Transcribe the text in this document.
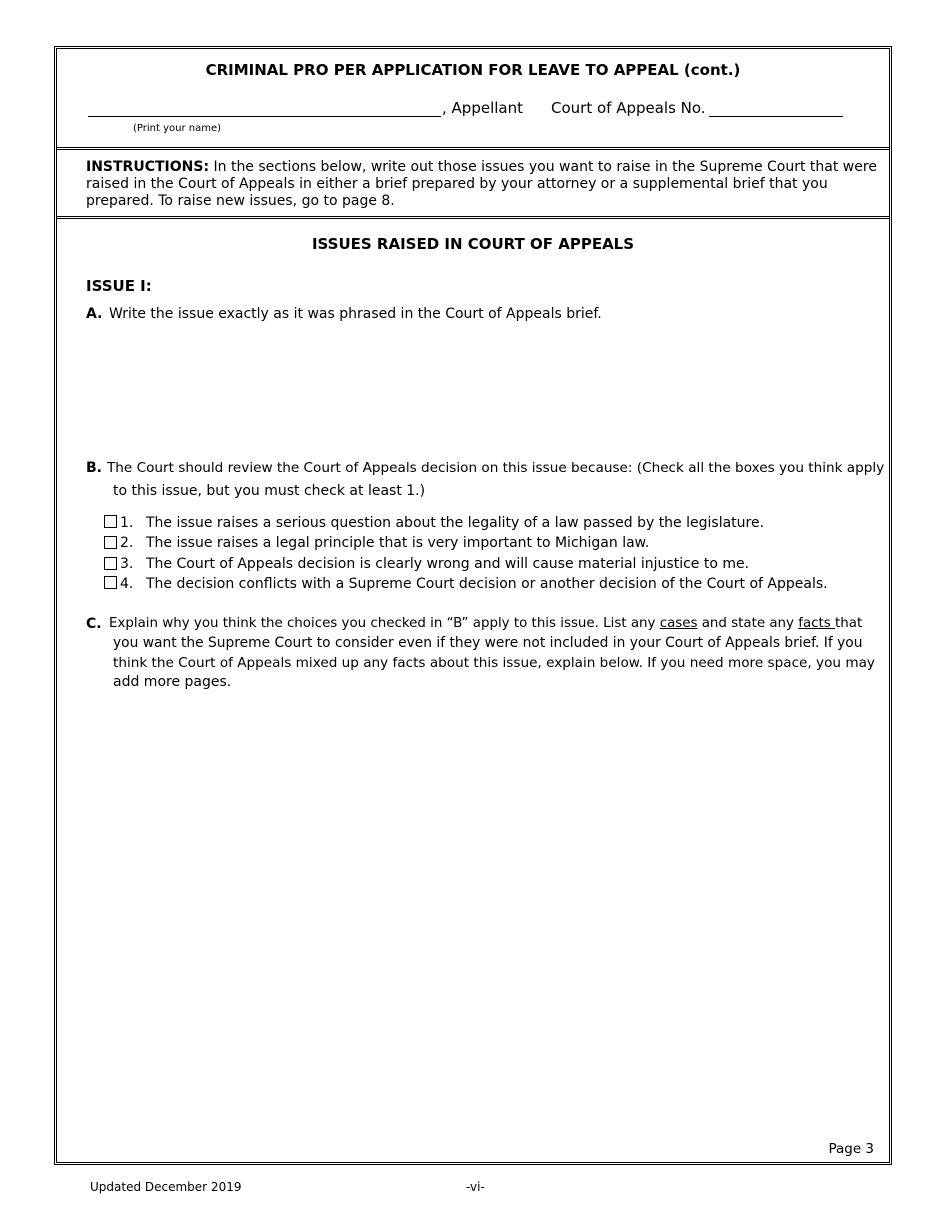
CRIMINAL PRO PER APPLICATION FOR LEAVE TO APPEAL (cont.)
, Appellant Court of Appeals No.
(Print your name)
INSTRUCTIONS: In the sections below, write out those issues you want to raise in the Supreme Court that were
raised in the Court of Appeals in either a brief prepared by your attorney or a supplemental brief that you
prepared. To raise new issues, go to page 8.
ISSUES RAISED IN COURT OF APPEALS
ISSUE I:
A. Write the issue exactly as it was phrased in the Court of Appeals brief.
B. The Court should review the Court of Appeals decision on this issue because: (Check all the boxes you think apply
to this issue, but you must check at least 1.)
1. The issue raises a serious question about the legality of a law passed by the legislature.
2. The issue raises a legal principle that is very important to Michigan law.
3. The Court of Appeals decision is clearly wrong and will cause material injustice to me.
4. The decision conflicts with a Supreme Court decision or another decision of the Court of Appeals.
C. Explain why you think the choices you checked in “B” apply to this issue. List any cases and state any facts that
you want the Supreme Court to consider even if they were not included in your Court of Appeals brief. If you
think the Court of Appeals mixed up any facts about this issue, explain below. If you need more space, you may
add more pages.
Page 3
Updated December 2019	-vi-
